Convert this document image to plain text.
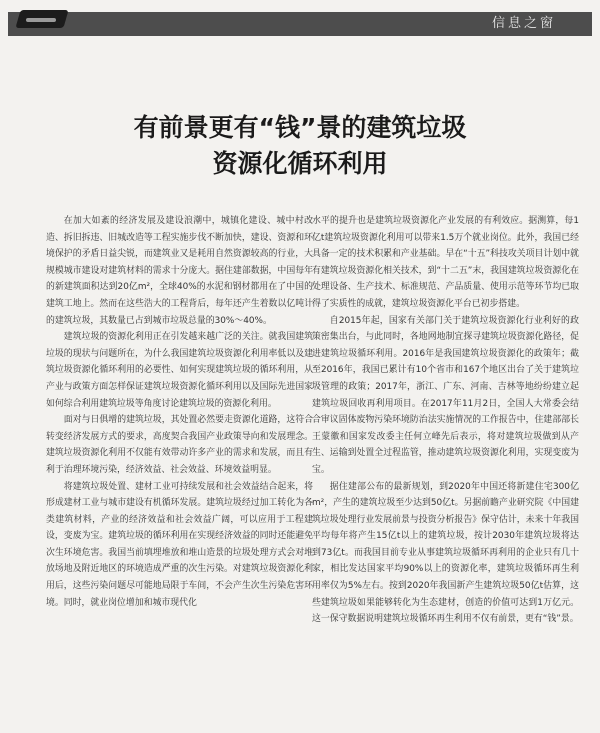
信息之窗
有前景更有“钱”景的建筑垃圾
资源化循环利用

在加大如紊的经济发展及建设浪潮中，城镇化建设、城中村改造、拆旧拆违、旧城改造等工程实施步伐不断加快，建设、资源和环境保护的矛盾日益尖锐，而建筑业又是耗用自然资源较高的行业，大规模城市建设对建筑材料的需求十分庞大。据住建部数据，中国每年的新建筑面积达到20亿m²，全球40%的水泥和钢材都用在了中国的建筑工地上。然而在这些浩大的工程背后，每年还产生着数以亿吨计的建筑垃圾，其数量已占到城市垃圾总量的30%～40%。

建筑垃圾的资源化利用正在引发越来越广泛的关注。就我国建筑垃圾的现状与问题所在，为什么我国建筑垃圾资源化利用率低以及建筑垃圾资源化循环利用的必要性、如何实现建筑垃圾的循环利用，从产业与政策方面怎样保证建筑垃圾资源化循环利用以及国际先进国家如何综合利用建筑垃圾等角度讨论建筑垃圾的资源化利用。

面对与日俱增的建筑垃圾，其处置必然要走资源化道路，这符合转变经济发展方式的要求，高度契合我国产业政策导向和发展理念。建筑垃圾资源化利用不仅能有效带动许多产业的需求和发展，而且有利于治理环境污染，经济效益、社会效益、环境效益明显。

将建筑垃圾处置、建材工业可持续发展和社会效益结合起来，将形成建材工业与城市建设有机循环发展。建筑垃圾经过加工转化为各类建筑材料，产业的经济效益和社会效益广阔，可以应用于工程建设，变废为宝。建筑垃圾的循环利用在实现经济效益的同时还能避免次生环境危害。我国当前填埋堆放和堆山造景的垃圾处理方式会对堆放场地及附近地区的环境造成严重的次生污染。对建筑垃圾资源化利用后，这些污染问题尽可能地局限于车间，不会产生次生污染危害环境。同时，就业岗位增加和城市现代化

水平的提升也是建筑垃圾资源化产业发展的有利效应。据测算，每1亿t建筑垃圾资源化利用可以带来1.5万个就业岗位。此外，我国已经具备一定的技术积累和产业基础。早在“十五”科技攻关项目计划中就有建筑垃圾资源化相关技术，到“十二五”末，我国建筑垃圾资源化在处理设备、生产技术、标准规范、产品质量、使用示范等环节均已取得了实质性的成就，建筑垃圾资源化平台已初步搭建。

自2015年起，国家有关部门关于建筑垃圾资源化行业利好的政策密集出台，与此同时，各地网地制宜探寻建筑垃圾资源化路径，促进建筑垃圾循环利用。2016年是我国建筑垃圾资源化的政策年；截至2016年，我国已累计有10个省市和167个地区出台了关于建筑垃圾管理的政策；2017年，浙江、广东、河南、吉林等地纷纷建立起建筑垃圾回收再利用项目。在2017年11月2日，全国人大常委会结合审议固体废物污染环境防治法实施情况的工作报告中，住建部部长王蒙徽和国家发改委主任何立峰先后表示，将对建筑垃圾做到从产生、运输到处置全过程监管，推动建筑垃圾资源化利用，实现变废为宝。

据住建部公布的最新规划，到2020年中国还将新建住宅300亿m²，产生的建筑垃圾至少达到50亿t。另据前瞻产业研究院《中国建筑垃圾处理行业发展前景与投资分析报告》保守估计，未来十年我国平均每年将产生15亿t以上的建筑垃圾，按计2030年建筑垃圾将达到73亿t。而我国目前专业从事建筑垃圾循环再利用的企业只有几十家，相比发达国家平均90%以上的资源化率，建筑垃圾循环再生利用率仅为5%左右。按到2020年我国新产生建筑垃圾50亿t估算，这些建筑垃圾如果能够转化为生态建材，创造的价值可达到1万亿元。这一保守数据说明建筑垃圾循环再生利用不仅有前景，更有“钱”景。
